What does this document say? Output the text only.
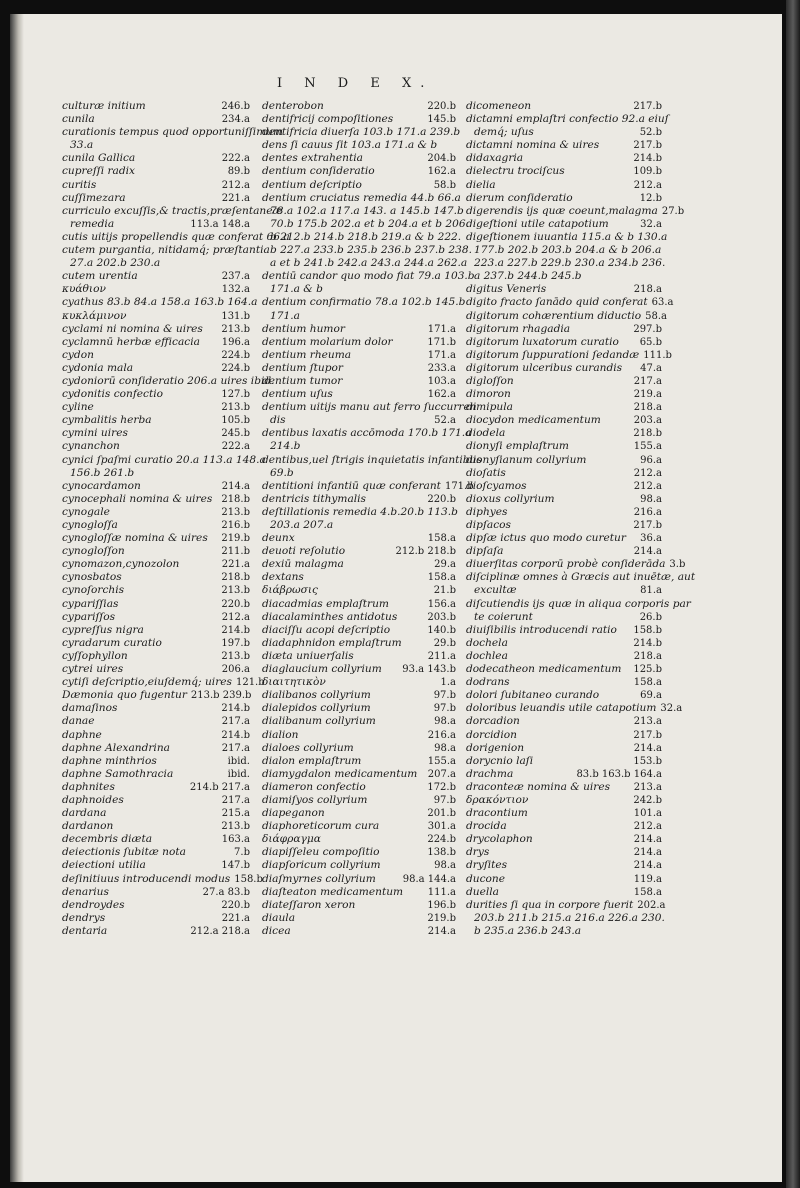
I N D E X.
culturæ initium	246.b
cunila	234.a
curationis tempus quod opportuniſſimum
33.a
cunila Gallica	222.a
cupreſſi radix	89.b
curitis	212.a
cuſſimezara	221.a
curriculo excuſſis,& tractis,præſentaneæ
remedia	113.a 148.a
cutis uitijs propellendis quæ conferat 66.a
cutem purgantia, nitidamq́; præſtantia
27.a 202.b 230.a
cutem urentia	237.a
κυάθιον	132.a
cyathus 83.b 84.a 158.a 163.b 164.a
κυκλάμινον	131.b
cyclami ni nomina & uires	213.b
cyclamnū herbæ efficacia	196.a
cydon	224.b
cydonia mala	224.b
cydoniorū conſideratio 206.a uires ibid.
cydonitis confectio	127.b
cyline	213.b
cymbalitis herba	105.b
cymini uires	245.b
cynanchon	222.a
cynici ſpaſmi curatio 20.a 113.a 148.a
156.b 261.b
cynocardamon	214.a
cynocephali nomina & uires 218.b
cynogale	213.b
cynogloſſa	216.b
cynogloſſæ nomina & uires	219.b
cynogloſſon	211.b
cynomazon,cynozolon	221.a
cynosbatos	218.b
cynoſorchis	213.b
cypariſſias	220.b
cypariſſos	212.a
cypreſſus nigra	214.b
cyradarum curatio	197.b
cyſſophyllon	213.b
cytrei uires	206.a
cytiſi deſcriptio,eiuſdemq́; uires 121.b
Dæmonia quo fugentur 213.b 239.b
damaſinos	214.b
danae	217.a
daphne	214.b
daphne Alexandrina	217.a
daphne minthrios	ibid.
daphne Samothracia	ibid.
daphnites	214.b 217.a
daphnoides	217.a
dardana	215.a
dardanon	213.b
decembris diæta	163.a
deiectionis ſubitæ nota	7.b
deiectioni utilia	147.b
deſinitiuus introducendi modus 158.b
denarius	27.a 83.b
dendroydes	220.b
dendrys	221.a
dentaria	212.a 218.a
denterobon	220.b
dentifricij compoſitiones	145.b
dentifricia diuerſa 103.b 171.a 239.b
dens ſi cauus ſit 103.a 171.a & b
dentes extrahentia	204.b
dentium conſideratio	162.a
dentium deſcriptio	58.b
dentium cruciatus remedia 44.b 66.a
78.a 102.a 117.a 143. a 145.b 147.b
70.b 175.b 202.a et b 204.a et b 206.
b 212.b 214.b 218.b 219.a & b 222.
b 227.a 233.b 235.b 236.b 237.b 238.
a et b 241.b 242.a 243.a 244.a 262.a
dentiū candor quo modo fiat 79.a 103.b
171.a & b
dentium confirmatio 78.a 102.b 145.b
171.a
dentium humor	171.a
dentium molarium dolor	171.b
dentium rheuma	171.a
dentium ſtupor	233.a
dentium tumor	103.a
dentium uſus	162.a
dentium uitijs manu aut ferro ſuccurren
dis	52.a
dentibus laxatis accōmoda 170.b 171.a
214.b
dentibus,uel ſtrigis inquietatis infantibus
69.b
dentitioni infantiū quæ conferant 171.b
dentricis tithymalis	220.b
deſtillationis remedia 4.b.20.b 113.b
203.a 207.a
deunx	158.a
deuoti reſolutio	212.b 218.b
dexiū malagma	29.a
dextans	158.a
διάβρωσις	21.b
diacadmias emplaſtrum	156.a
diacalaminthes antidotus	203.b
diaciſſu acopi deſcriptio	140.b
diadaphnidon emplaſtrum	29.b
diæta uniuerſalis	211.a
diaglaucium collyrium	93.a 143.b
διαιτητικὸν	1.a
dialibanos collyrium	97.b
dialepidos collyrium	97.b
dialibanum collyrium	98.a
dialion	216.a
dialoes collyrium	98.a
dialon emplaſtrum	155.a
diamygdalon medicamentum	207.a
diameron confectio	172.b
diamiſyos collyrium	97.b
diapeganon	201.b
diaphoreticorum cura	301.a
διάφραγμα	224.b
diapiſſeleu compoſitio	138.b
diapſoricum collyrium	98.a
diaſmyrnes collyrium	98.a 144.a
diaſteaton medicamentum	111.a
diateſſaron xeron	196.b
diaula	219.b
dicea	214.a
dicomeneon	217.b
dictamni emplaſtri confectio 92.a eiuſ
demq́; uſus	52.b
dictamni nomina & uires	217.b
didaxagria	214.b
dielectru trociſcus	109.b
dielia	212.a
dierum conſideratio	12.b
digerendis ijs quæ coeunt,malagma 27.b
digeſtioni utile catapotium	32.a
digeſtionem iuuantia 115.a & b 130.a
177.b 202.b 203.b 204.a & b 206.a
223.a 227.b 229.b 230.a 234.b 236.
a 237.b 244.b 245.b
digitus Veneris	218.a
digito fracto ſanādo quid conferat 63.a
digitorum cohærentium diductio 58.a
digitorum rhagadia	297.b
digitorum luxatorum curatio	65.b
digitorum ſuppurationi ſedandæ 111.b
digitorum ulceribus curandis	47.a
digloſſon	217.a
dimoron	219.a
dimipula	218.a
diocydon medicamentum	203.a
diodela	218.b
dionyſi emplaſtrum	155.a
dionyſianum collyrium	96.a
dioſatis	212.a
dioſcyamos	212.a
dioxus collyrium	98.a
diphyes	216.a
dipſacos	217.b
dipſæ ictus quo modo curetur	36.a
dipſaſa	214.a
diuerſitas corporū probè conſiderāda 3.b
diſciplinæ omnes à Græcis aut inuētæ, aut
excultæ	81.a
diſcutiendis ijs quæ in aliqua corporis par
te coierunt	26.b
diuiſibilis introducendi ratio	158.b
dochela	214.b
dochlea	218.a
dodecatheon medicamentum	125.b
dodrans	158.a
dolori ſubitaneo curando	69.a
doloribus leuandis utile catapotium 32.a
dorcadion	213.a
dorcidion	217.b
dorigenion	214.a
dorycnio laſi	153.b
drachma	83.b 163.b 164.a
draconteæ nomina & uires	213.a
δρακόντιον	242.b
dracontium	101.a
drocida	212.a
drycolaphon	214.a
drys	214.a
dryſites	214.a
ducone	119.a
duella	158.a
durities ſi qua in corpore fuerit 202.a
203.b 211.b 215.a 216.a 226.a 230.
b 235.a 236.b 243.a
